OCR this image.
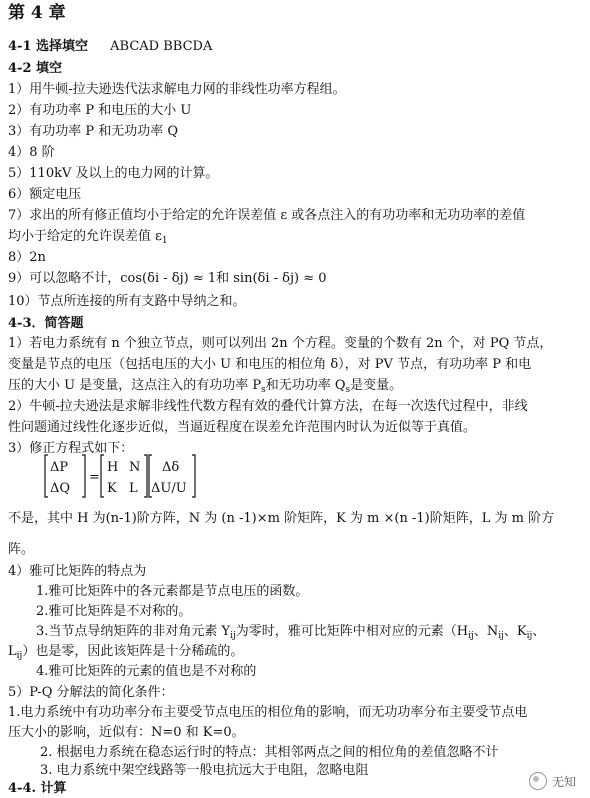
第 4 章
4-1 选择填空 ABCAD BBCDA
4-2 填空
1）用牛顿-拉夫逊迭代法求解电力网的非线性功率方程组。
2）有功功率 P 和电压的大小 U
3）有功功率 P 和无功功率 Q
4）8 阶
5）110kV 及以上的电力网的计算。
6）额定电压
7）求出的所有修正值均小于给定的允许误差值 ε 或各点注入的有功功率和无功功率的差值
均小于给定的允许误差值 $\varepsilon_1$
8）2n
9）可以忽略不计，cos(δi - δj) ≈ 1和 sin(δi - δj) ≈ 0
10）节点所连接的所有支路中导纳之和。
4-3．简答题
1）若电力系统有 n 个独立节点，则可以列出 2n 个方程。变量的个数有 2n 个，对 PQ 节点，
变量是节点的电压（包括电压的大小 U 和电压的相位角 δ），对 PV 节点，有功功率 P 和电
压的大小 U 是变量，这点注入的有功功率 $P_s$和无功功率 $Q_s$是变量。
2）牛顿-拉夫逊法是求解非线性代数方程有效的叠代计算方法，在每一次迭代过程中，非线
性问题通过线性化逐步近似，当逼近程度在误差允许范围内时认为近似等于真值。
3）修正方程式如下：
ΔP
ΔQ
=
H N
K L
Δδ
ΔU/U
不是，其中 H 为(n-1)阶方阵，N 为 (n -1)×m 阶矩阵，K 为 m ×(n -1)阶矩阵，L 为 m 阶方
阵。
4）雅可比矩阵的特点为
1.雅可比矩阵中的各元素都是节点电压的函数。
2.雅可比矩阵是不对称的。
3.当节点导纳矩阵的非对角元素 $Y_{ij}$为零时，雅可比矩阵中相对应的元素（$H_{ij}$、$N_{ij}$、$K_{ij}$、
$L_{ij}$）也是零，因此该矩阵是十分稀疏的。
4.雅可比矩阵的元素的值也是不对称的
5）P-Q 分解法的简化条件：
1.电力系统中有功功率分布主要受节点电压的相位角的影响，而无功功率分布主要受节点电
压大小的影响，近似有：N=0 和 K=0。
2. 根据电力系统在稳态运行时的特点：其相邻两点之间的相位角的差值忽略不计
3. 电力系统中架空线路等一般电抗远大于电阻，忽略电阻
4-4. 计算	无知
